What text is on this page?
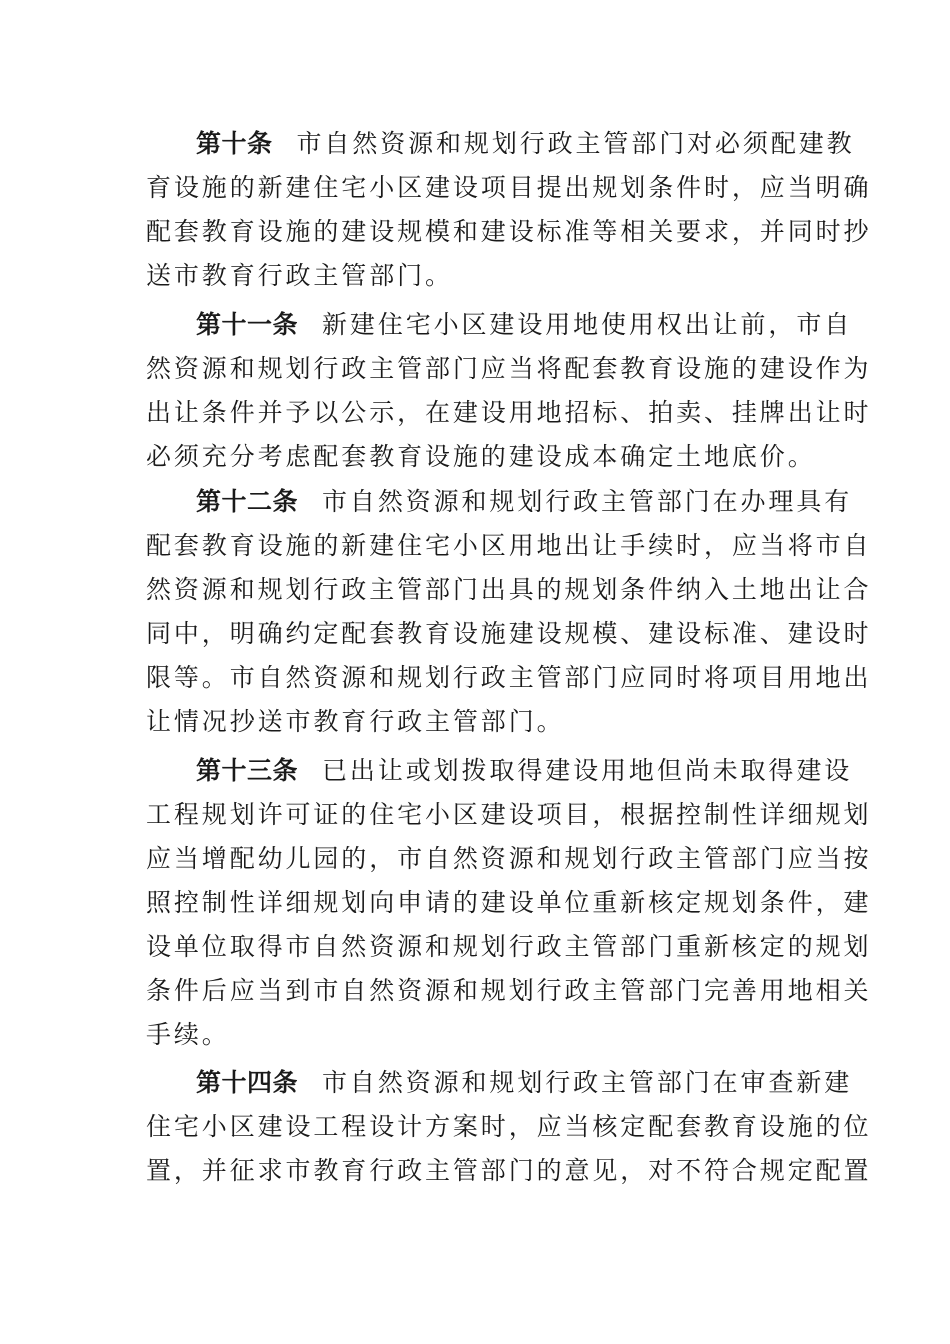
第十条 市自然资源和规划行政主管部门对必须配建教
育设施的新建住宅小区建设项目提出规划条件时，应当明确
配套教育设施的建设规模和建设标准等相关要求，并同时抄
送市教育行政主管部门。
第十一条 新建住宅小区建设用地使用权出让前，市自
然资源和规划行政主管部门应当将配套教育设施的建设作为
出让条件并予以公示，在建设用地招标、拍卖、挂牌出让时
必须充分考虑配套教育设施的建设成本确定土地底价。
第十二条 市自然资源和规划行政主管部门在办理具有
配套教育设施的新建住宅小区用地出让手续时，应当将市自
然资源和规划行政主管部门出具的规划条件纳入土地出让合
同中，明确约定配套教育设施建设规模、建设标准、建设时
限等。市自然资源和规划行政主管部门应同时将项目用地出
让情况抄送市教育行政主管部门。
第十三条 已出让或划拨取得建设用地但尚未取得建设
工程规划许可证的住宅小区建设项目，根据控制性详细规划
应当增配幼儿园的，市自然资源和规划行政主管部门应当按
照控制性详细规划向申请的建设单位重新核定规划条件，建
设单位取得市自然资源和规划行政主管部门重新核定的规划
条件后应当到市自然资源和规划行政主管部门完善用地相关
手续。
第十四条 市自然资源和规划行政主管部门在审查新建
住宅小区建设工程设计方案时，应当核定配套教育设施的位
置，并征求市教育行政主管部门的意见，对不符合规定配置
